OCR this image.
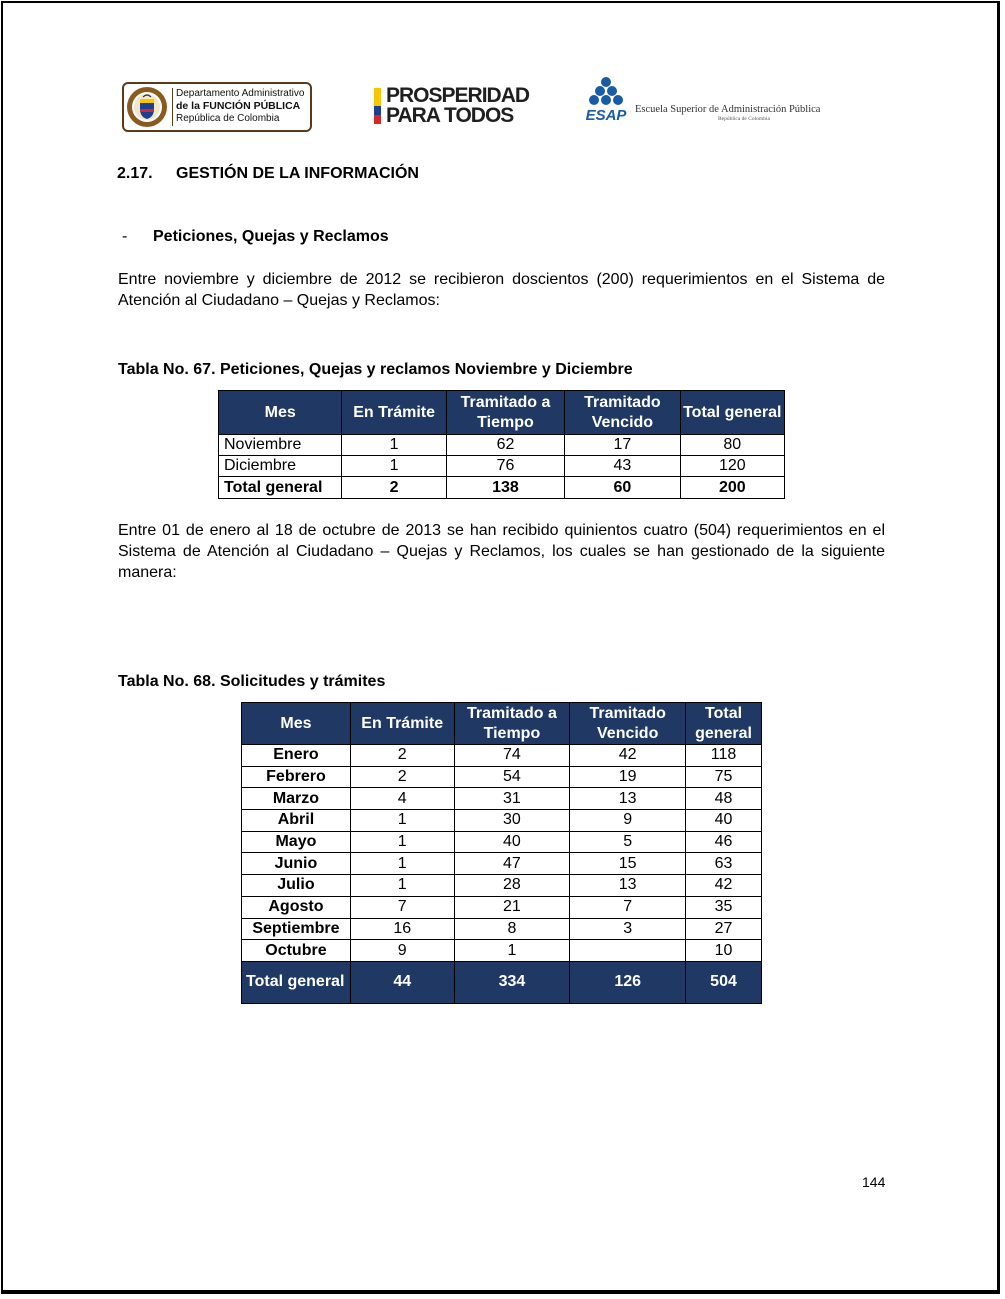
Departamento Administrativo
de la FUNCIÓN PÚBLICA
República de Colombia
PROSPERIDAD
PARA TODOS	ESAP Escuela Superior de Administración Pública
República de Colombia
2.17. GESTIÓN DE LA INFORMACIÓN
- Peticiones, Quejas y Reclamos
Entre noviembre y diciembre de 2012 se recibieron doscientos (200) requerimientos en el Sistema de Atención al Ciudadano – Quejas y Reclamos:
Tabla No. 67. Peticiones, Quejas y reclamos Noviembre y Diciembre
Mes	En Trámite	Tramitado a Tiempo	Tramitado Vencido	Total general
Noviembre	1	62	17	80
Diciembre	1	76	43	120
Total general	2	138	60	200
Entre 01 de enero al 18 de octubre de 2013 se han recibido quinientos cuatro (504) requerimientos en el Sistema de Atención al Ciudadano – Quejas y Reclamos, los cuales se han gestionado de la siguiente manera:
Tabla No. 68. Solicitudes y trámites
Mes	En Trámite	Tramitado a Tiempo	Tramitado Vencido	Total general
Enero	2	74	42	118
Febrero	2	54	19	75
Marzo	4	31	13	48
Abril	1	30	9	40
Mayo	1	40	5	46
Junio	1	47	15	63
Julio	1	28	13	42
Agosto	7	21	7	35
Septiembre	16	8	3	27
Octubre	9	1		10
Total general	44	334	126	504
144
